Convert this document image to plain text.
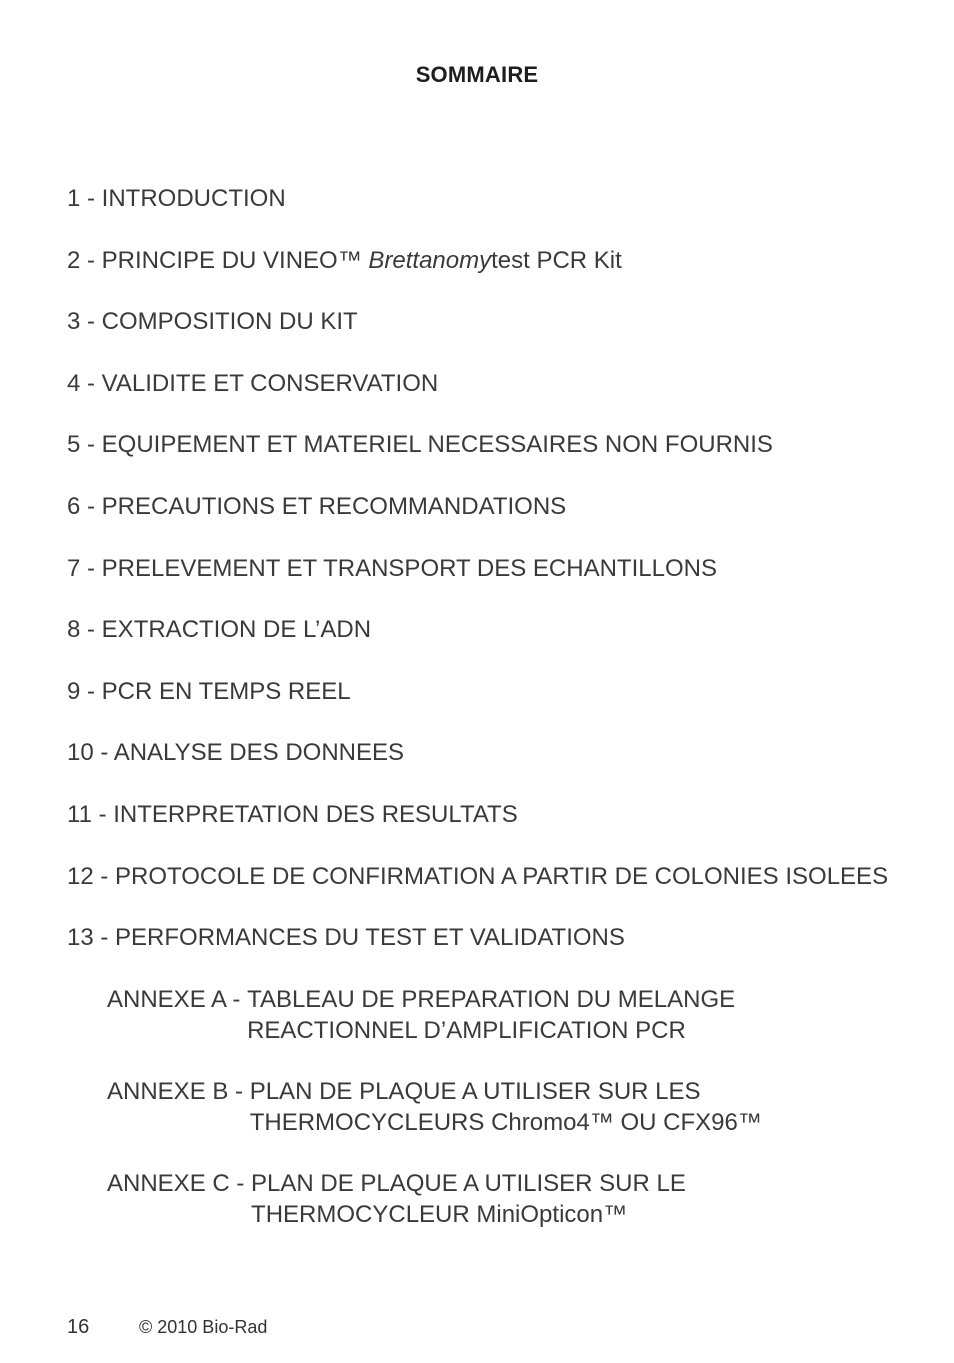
SOMMAIRE
1 - INTRODUCTION
2 - PRINCIPE DU VINEO™ Brettanomytest PCR Kit
3 - COMPOSITION DU KIT
4 - VALIDITE ET CONSERVATION
5 - EQUIPEMENT ET MATERIEL NECESSAIRES NON FOURNIS
6 - PRECAUTIONS ET RECOMMANDATIONS
7 - PRELEVEMENT ET TRANSPORT DES ECHANTILLONS
8 - EXTRACTION DE L’ADN
9 - PCR EN TEMPS REEL
10 - ANALYSE DES DONNEES
11 - INTERPRETATION DES RESULTATS
12 - PROTOCOLE DE CONFIRMATION A PARTIR DE COLONIES ISOLEES
13 - PERFORMANCES DU TEST ET VALIDATIONS
ANNEXE A - TABLEAU DE PREPARATION DU MELANGE
REACTIONNEL D’AMPLIFICATION PCR
ANNEXE B - PLAN DE PLAQUE A UTILISER SUR LES
THERMOCYCLEURS Chromo4™ OU CFX96™
ANNEXE C - PLAN DE PLAQUE A UTILISER SUR LE
THERMOCYCLEUR MiniOpticon™
16	© 2010 Bio-Rad
